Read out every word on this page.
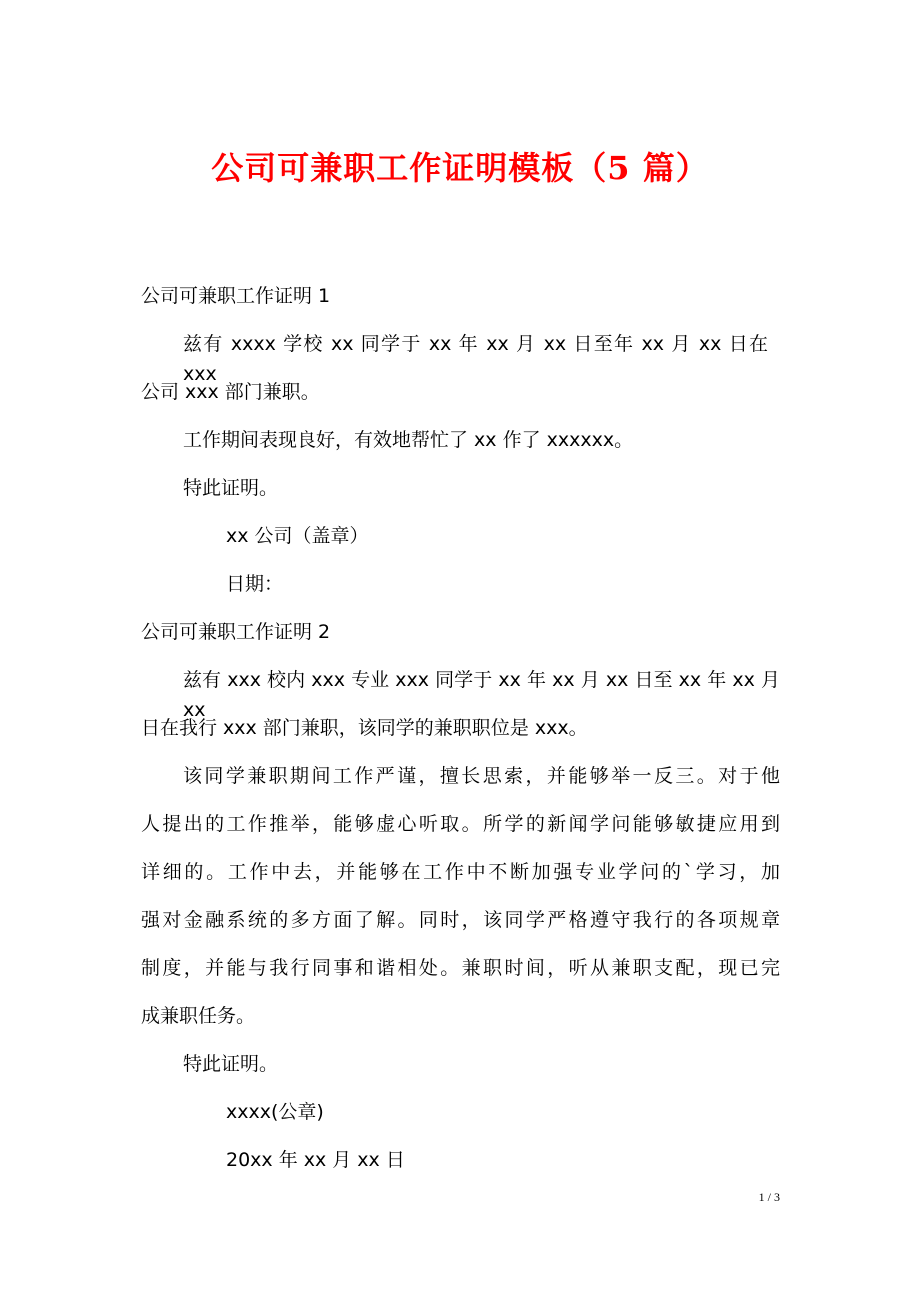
公司可兼职工作证明模板（5 篇）
公司可兼职工作证明 1
兹有 xxxx 学校 xx 同学于 xx 年 xx 月 xx 日至年 xx 月 xx 日在 xxx
公司 xxx 部门兼职。
工作期间表现良好，有效地帮忙了 xx 作了 xxxxxx。
特此证明。
xx 公司（盖章）
日期：
公司可兼职工作证明 2
兹有 xxx 校内 xxx 专业 xxx 同学于 xx 年 xx 月 xx 日至 xx 年 xx 月 xx
日在我行 xxx 部门兼职，该同学的兼职职位是 xxx。
该同学兼职期间工作严谨，擅长思索，并能够举一反三。对于他
人提出的工作推举，能够虚心听取。所学的新闻学问能够敏捷应用到
详细的。工作中去，并能够在工作中不断加强专业学问的`学习，加
强对金融系统的多方面了解。同时，该同学严格遵守我行的各项规章
制度，并能与我行同事和谐相处。兼职时间，听从兼职支配，现已完
成兼职任务。
特此证明。
xxxx(公章)
20xx 年 xx 月 xx 日
1 / 3
